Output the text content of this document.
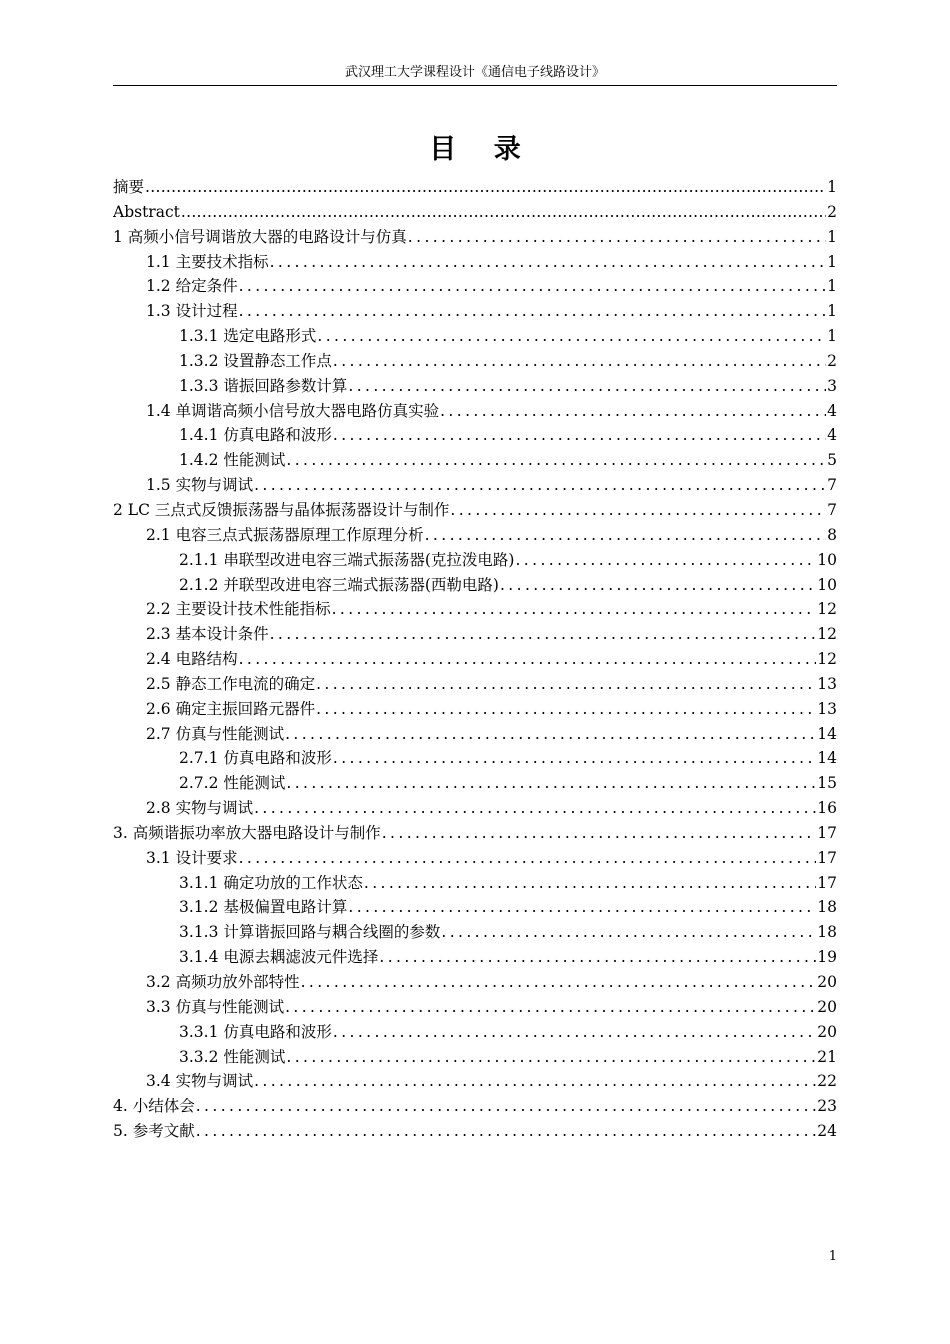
武汉理工大学课程设计《通信电子线路设计》
目 录
摘要 .....	1
Abstract .....	2
1 高频小信号调谐放大器的电路设计与仿真 .....	1
1.1 主要技术指标 .....	1
1.2 给定条件 .....	1
1.3 设计过程 .....	1
1.3.1 选定电路形式 .....	1
1.3.2 设置静态工作点 .....	2
1.3.3 谐振回路参数计算 .....	3
1.4 单调谐高频小信号放大器电路仿真实验 .....	4
1.4.1 仿真电路和波形 .....	4
1.4.2 性能测试 .....	5
1.5 实物与调试 .....	7
2 LC 三点式反馈振荡器与晶体振荡器设计与制作 .....	7
2.1 电容三点式振荡器原理工作原理分析 .....	8
2.1.1 串联型改进电容三端式振荡器(克拉泼电路) .....	10
2.1.2 并联型改进电容三端式振荡器(西勒电路) .....	10
2.2 主要设计技术性能指标 .....	12
2.3 基本设计条件 .....	12
2.4 电路结构 .....	12
2.5 静态工作电流的确定 .....	13
2.6 确定主振回路元器件 .....	13
2.7 仿真与性能测试 .....	14
2.7.1 仿真电路和波形 .....	14
2.7.2 性能测试 .....	15
2.8 实物与调试 .....	16
3. 高频谐振功率放大器电路设计与制作 .....	17
3.1 设计要求 .....	17
3.1.1 确定功放的工作状态 .....	17
3.1.2 基极偏置电路计算 .....	18
3.1.3 计算谐振回路与耦合线圈的参数 .....	18
3.1.4 电源去耦滤波元件选择 .....	19
3.2 高频功放外部特性 .....	20
3.3 仿真与性能测试 .....	20
3.3.1 仿真电路和波形 .....	20
3.3.2 性能测试 .....	21
3.4 实物与调试 .....	22
4. 小结体会 .....	23
5. 参考文献 .....	24
1
